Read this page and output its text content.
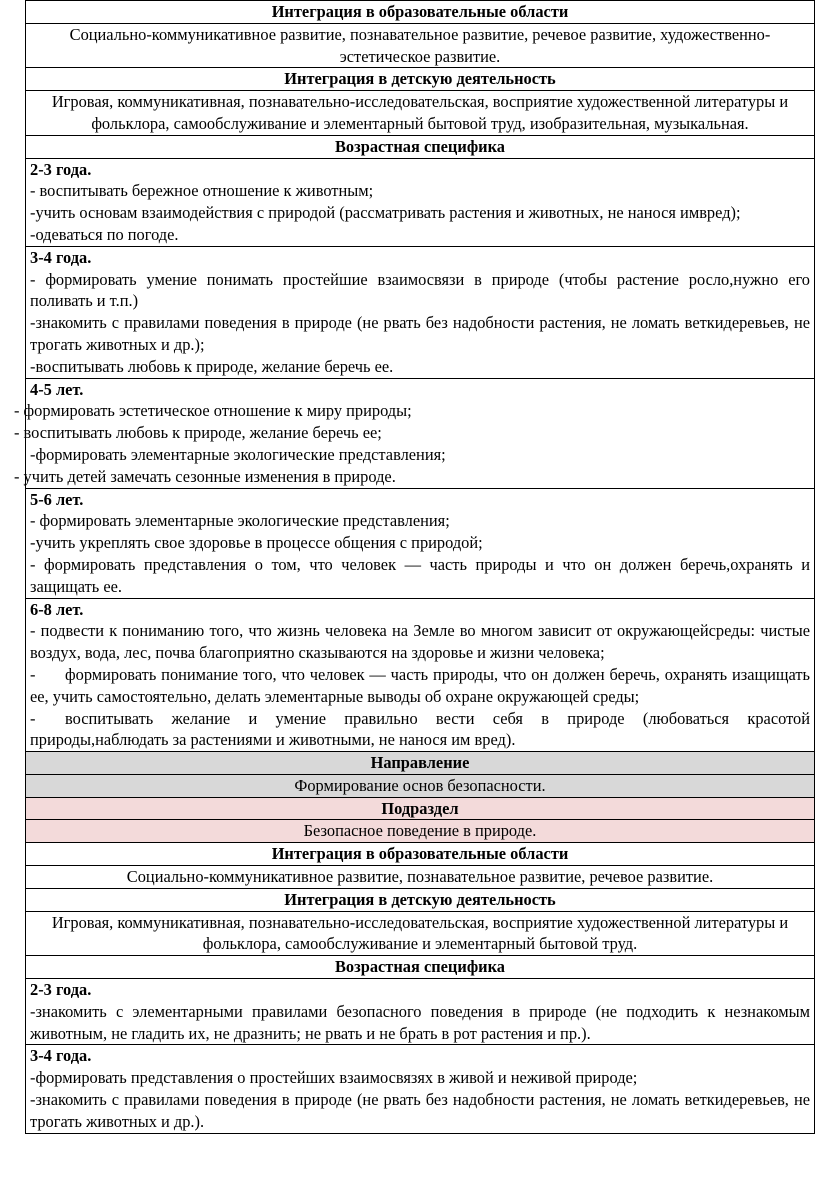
Интеграция в образовательные области
Социально-коммуникативное развитие, познавательное развитие, речевое развитие, художественно-эстетическое развитие.
Интеграция в детскую деятельность
Игровая, коммуникативная, познавательно-исследовательская, восприятие художественной литературы и фольклора, самообслуживание и элементарный бытовой труд, изобразительная, музыкальная.
Возрастная специфика

2-3 года.
- воспитывать бережное отношение к животным;
-учить основам взаимодействия с природой (рассматривать растения и животных, не нанося имвред);
-одеваться по погоде.

3-4 года.
- формировать умение понимать простейшие взаимосвязи в природе (чтобы растение росло,нужно его поливать и т.п.)
-знакомить с правилами поведения в природе (не рвать без надобности растения, не ломать веткидеревьев, не трогать животных и др.);
-воспитывать любовь к природе, желание беречь ее.

4-5 лет.
- формировать эстетическое отношение к миру природы;
- воспитывать любовь к природе, желание беречь ее;
-формировать элементарные экологические представления;
- учить детей замечать сезонные изменения в природе.

5-6 лет.
- формировать элементарные экологические представления;
-учить укреплять свое здоровье в процессе общения с природой;
- формировать представления о том, что человек — часть природы и что он должен беречь,охранять и защищать ее.

6-8 лет.
- подвести к пониманию того, что жизнь человека на Земле во многом зависит от окружающейсреды: чистые воздух, вода, лес, почва благоприятно сказываются на здоровье и жизни человека;
- формировать понимание того, что человек — часть природы, что он должен беречь, охранять изащищать ее, учить самостоятельно, делать элементарные выводы об охране окружающей среды;
- воспитывать желание и умение правильно вести себя в природе (любоваться красотой природы,наблюдать за растениями и животными, не нанося им вред).

Направление
Формирование основ безопасности.
Подраздел
Безопасное поведение в природе.
Интеграция в образовательные области
Социально-коммуникативное развитие, познавательное развитие, речевое развитие.
Интеграция в детскую деятельность
Игровая, коммуникативная, познавательно-исследовательская, восприятие художественной литературы и фольклора, самообслуживание и элементарный бытовой труд.
Возрастная специфика

2-3 года.
-знакомить с элементарными правилами безопасного поведения в природе (не подходить к незнакомым животным, не гладить их, не дразнить; не рвать и не брать в рот растения и пр.).

3-4 года.
-формировать представления о простейших взаимосвязях в живой и неживой природе;
-знакомить с правилами поведения в природе (не рвать без надобности растения, не ломать веткидеревьев, не трогать животных и др.).
